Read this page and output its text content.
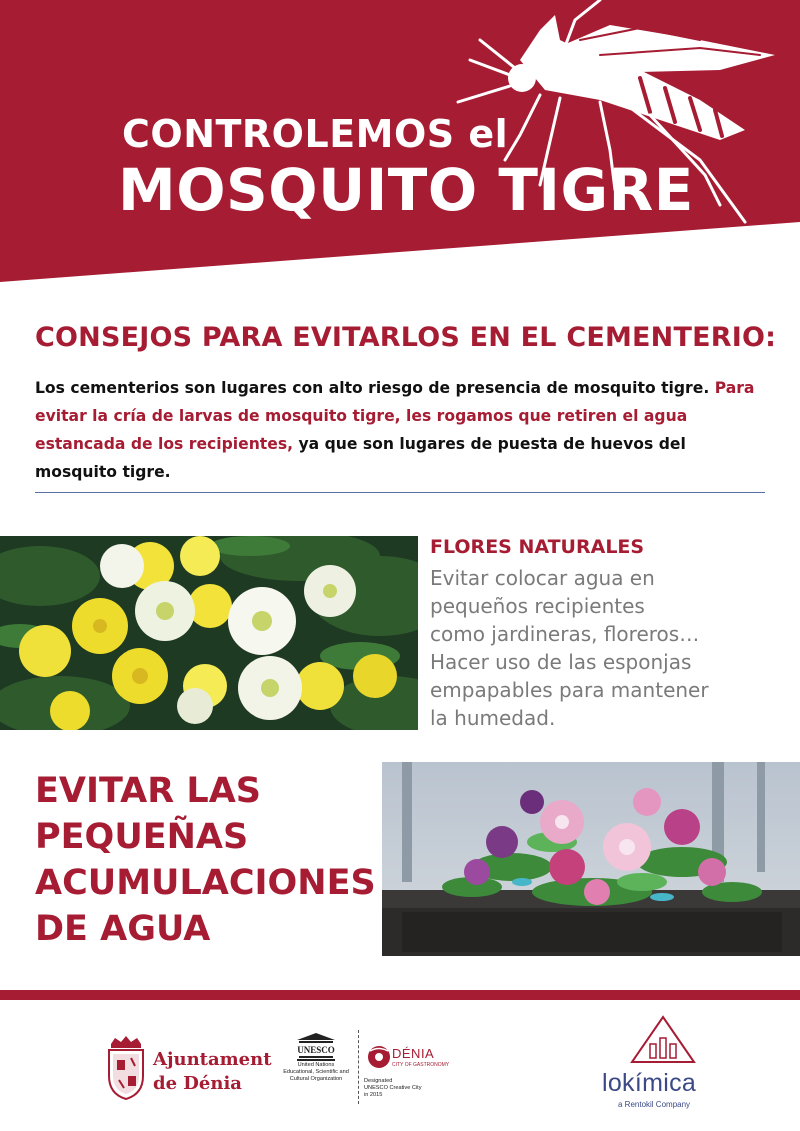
CONTROLEMOS el
MOSQUITO TIGRE
CONSEJOS PARA EVITARLOS EN EL CEMENTERIO:
Los cementerios son lugares con alto riesgo de presencia de mosquito tigre. Para evitar la cría de larvas de mosquito tigre, les rogamos que retiren el agua estancada de los recipientes, ya que son lugares de puesta de huevos del mosquito tigre.
FLORES NATURALES
Evitar colocar agua en
pequeños recipientes
como jardineras, floreros…
Hacer uso de las esponjas
empapables para mantener
la humedad.
EVITAR LAS
PEQUEÑAS
ACUMULACIONES
DE AGUA
Ajuntament
de Dénia
UNESCO
United Nations
Educational, Scientific and
Cultural Organization
DÉNIA
CITY OF GASTRONOMY
Designated
UNESCO Creative City
in 2015	lokímica
a Rentokil Company
